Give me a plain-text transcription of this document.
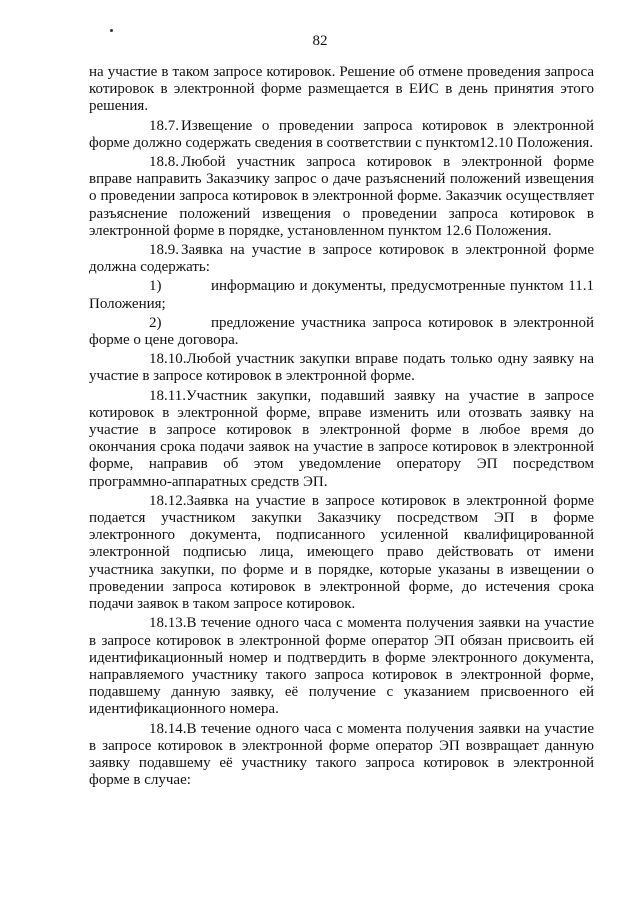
82

на участие в таком запросе котировок. Решение об отмене проведения запроса котировок в электронной форме размещается в ЕИС в день принятия этого решения.

18.7. Извещение о проведении запроса котировок в электронной форме должно содержать сведения в соответствии с пунктом12.10 Положения.

18.8. Любой участник запроса котировок в электронной форме вправе направить Заказчику запрос о даче разъяснений положений извещения о проведении запроса котировок в электронной форме. Заказчик осуществляет разъяснение положений извещения о проведении запроса котировок в электронной форме в порядке, установленном пунктом 12.6 Положения.

18.9. Заявка на участие в запросе котировок в электронной форме должна содержать:

1)	информацию и документы, предусмотренные пунктом 11.1 Положения;

2)	предложение участника запроса котировок в электронной форме о цене договора.

18.10.Любой участник закупки вправе подать только одну заявку на участие в запросе котировок в электронной форме.

18.11.Участник закупки, подавший заявку на участие в запросе котировок в электронной форме, вправе изменить или отозвать заявку на участие в запросе котировок в электронной форме в любое время до окончания срока подачи заявок на участие в запросе котировок в электронной форме, направив об этом уведомление оператору ЭП посредством программно-аппаратных средств ЭП.

18.12.Заявка на участие в запросе котировок в электронной форме подается участником закупки Заказчику посредством ЭП в форме электронного документа, подписанного усиленной квалифицированной электронной подписью лица, имеющего право действовать от имени участника закупки, по форме и в порядке, которые указаны в извещении о проведении запроса котировок в электронной форме, до истечения срока подачи заявок в таком запросе котировок.

18.13.В течение одного часа с момента получения заявки на участие в запросе котировок в электронной форме оператор ЭП обязан присвоить ей идентификационный номер и подтвердить в форме электронного документа, направляемого участнику такого запроса котировок в электронной форме, подавшему данную заявку, её получение с указанием присвоенного ей идентификационного номера.

18.14.В течение одного часа с момента получения заявки на участие в запросе котировок в электронной форме оператор ЭП возвращает данную заявку подавшему её участнику такого запроса котировок в электронной форме в случае:
